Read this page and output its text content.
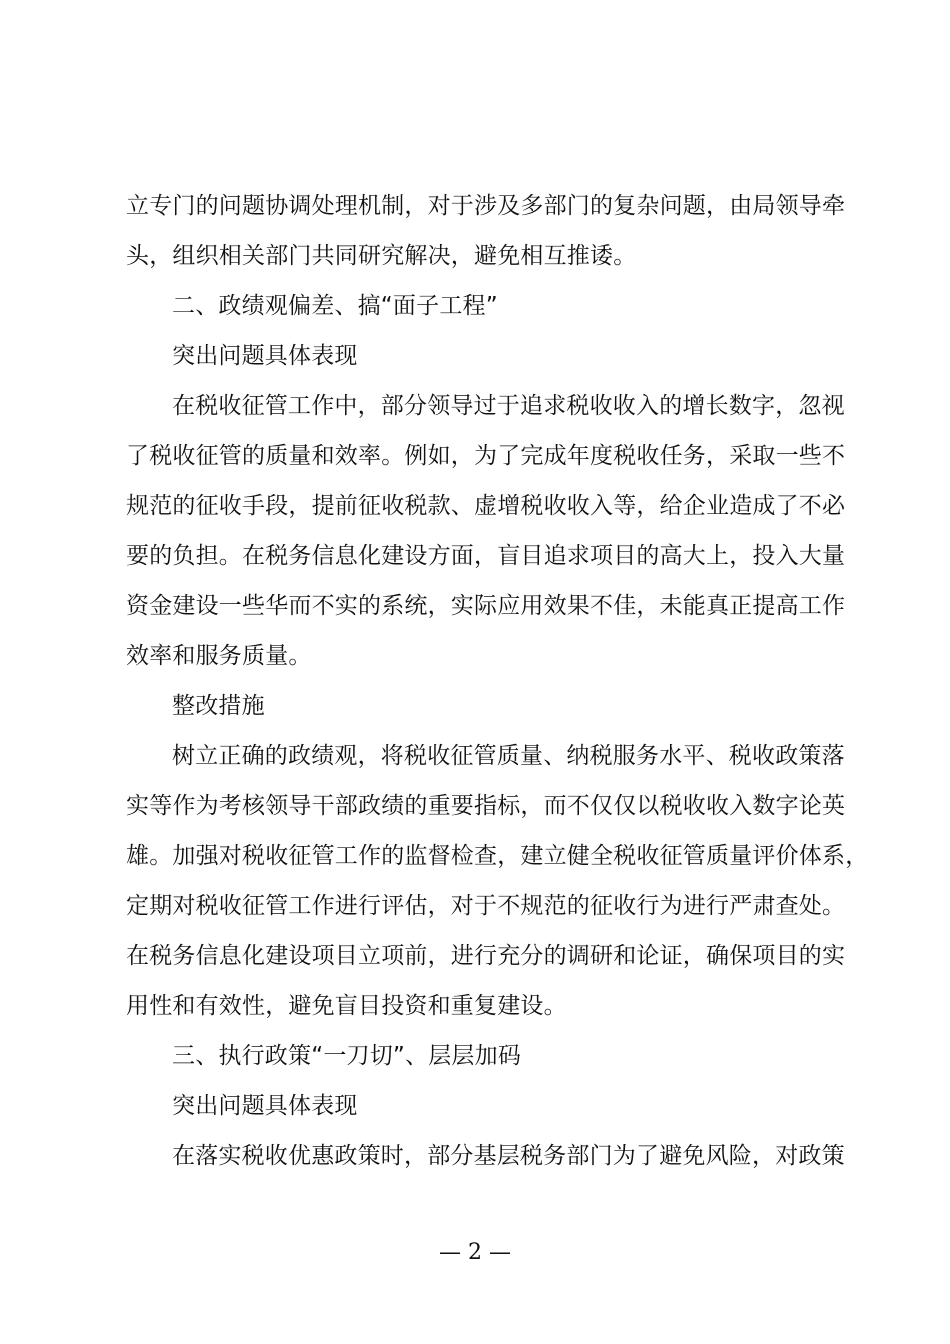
立专门的问题协调处理机制，对于涉及多部门的复杂问题，由局领导牵
头，组织相关部门共同研究解决，避免相互推诿。
二、政绩观偏差、搞“面子工程”
突出问题具体表现
在税收征管工作中，部分领导过于追求税收收入的增长数字，忽视
了税收征管的质量和效率。例如，为了完成年度税收任务，采取一些不
规范的征收手段，提前征收税款、虚增税收收入等，给企业造成了不必
要的负担。在税务信息化建设方面，盲目追求项目的高大上，投入大量
资金建设一些华而不实的系统，实际应用效果不佳，未能真正提高工作
效率和服务质量。
整改措施
树立正确的政绩观，将税收征管质量、纳税服务水平、税收政策落
实等作为考核领导干部政绩的重要指标，而不仅仅以税收收入数字论英
雄。加强对税收征管工作的监督检查，建立健全税收征管质量评价体系，
定期对税收征管工作进行评估，对于不规范的征收行为进行严肃查处。
在税务信息化建设项目立项前，进行充分的调研和论证，确保项目的实
用性和有效性，避免盲目投资和重复建设。
三、执行政策“一刀切”、层层加码
突出问题具体表现
在落实税收优惠政策时，部分基层税务部门为了避免风险，对政策
— 2 —
